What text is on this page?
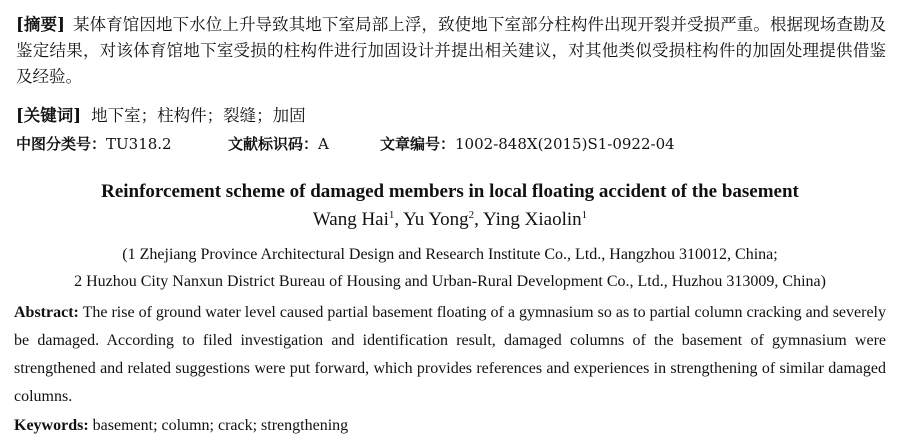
[摘要] 某体育馆因地下水位上升导致其地下室局部上浮，致使地下室部分柱构件出现开裂并受损严重。根据现场查勘及鉴定结果，对该体育馆地下室受损的柱构件进行加固设计并提出相关建议，对其他类似受损柱构件的加固处理提供借鉴及经验。
[关键词] 地下室；柱构件；裂缝；加固
中图分类号：TU318.2	文献标识码：A	文章编号：1002-848X(2015)S1-0922-04
Reinforcement scheme of damaged members in local floating accident of the basement
Wang Hai$^1$, Yu Yong$^2$, Ying Xiaolin$^1$
(1 Zhejiang Province Architectural Design and Research Institute Co., Ltd., Hangzhou 310012, China;
2 Huzhou City Nanxun District Bureau of Housing and Urban-Rural Development Co., Ltd., Huzhou 313009, China)
Abstract: The rise of ground water level caused partial basement floating of a gymnasium so as to partial column cracking and severely be damaged. According to filed investigation and identification result, damaged columns of the basement of gymnasium were strengthened and related suggestions were put forward, which provides references and experiences in strengthening of similar damaged columns.
Keywords: basement; column; crack; strengthening
